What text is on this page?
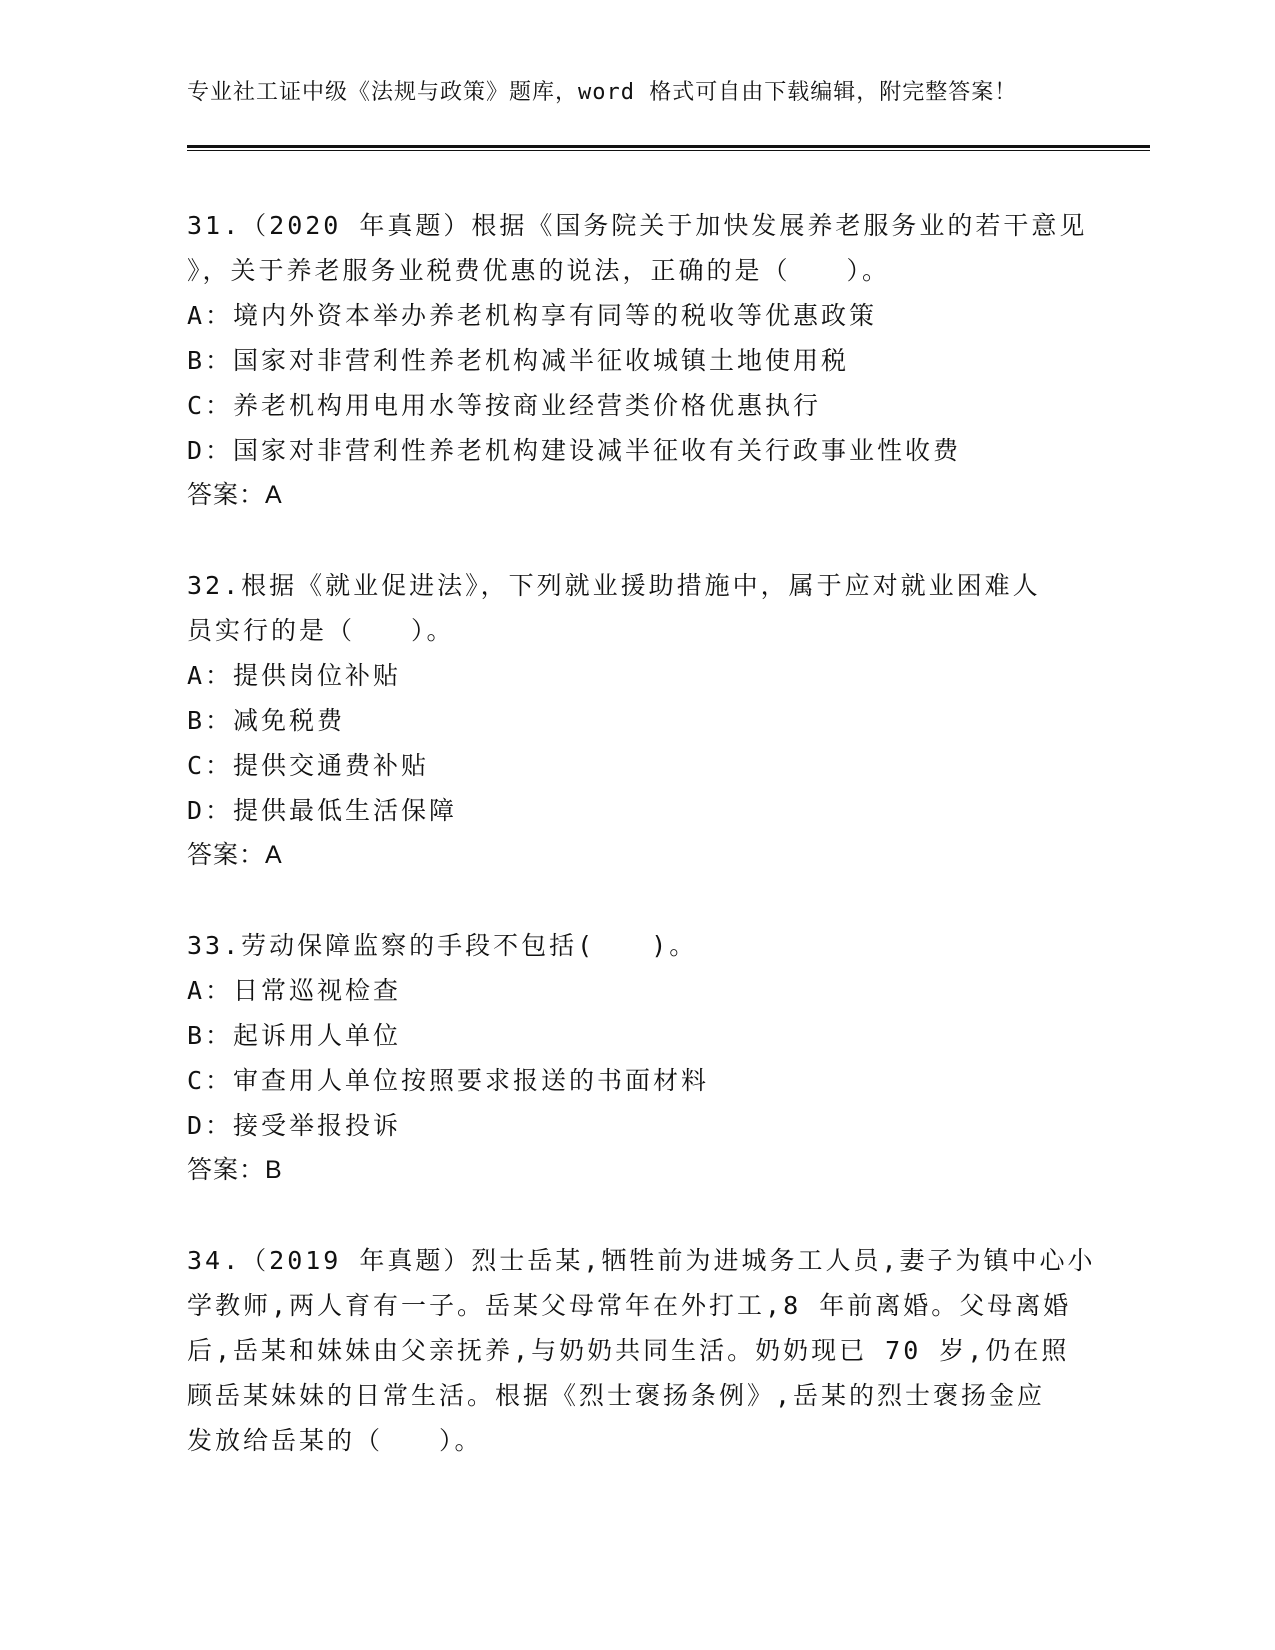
专业社工证中级《法规与政策》题库，word 格式可自由下载编辑，附完整答案！
31.（2020 年真题）根据《国务院关于加快发展养老服务业的若干意见
》，关于养老服务业税费优惠的说法，正确的是（　　）。
A：境内外资本举办养老机构享有同等的税收等优惠政策
B：国家对非营利性养老机构减半征收城镇土地使用税
C：养老机构用电用水等按商业经营类价格优惠执行
D：国家对非营利性养老机构建设减半征收有关行政事业性收费
答案：A
32.根据《就业促进法》，下列就业援助措施中，属于应对就业困难人
员实行的是（　　）。
A：提供岗位补贴
B：减免税费
C：提供交通费补贴
D：提供最低生活保障
答案：A
33.劳动保障监察的手段不包括(　　)。
A：日常巡视检查
B：起诉用人单位
C：审查用人单位按照要求报送的书面材料
D：接受举报投诉
答案：B
34.（2019 年真题）烈士岳某,牺牲前为进城务工人员,妻子为镇中心小
学教师,两人育有一子。岳某父母常年在外打工,8 年前离婚。父母离婚
后,岳某和妹妹由父亲抚养,与奶奶共同生活。奶奶现已 70 岁,仍在照
顾岳某妹妹的日常生活。根据《烈士褒扬条例》,岳某的烈士褒扬金应
发放给岳某的（　　）。
